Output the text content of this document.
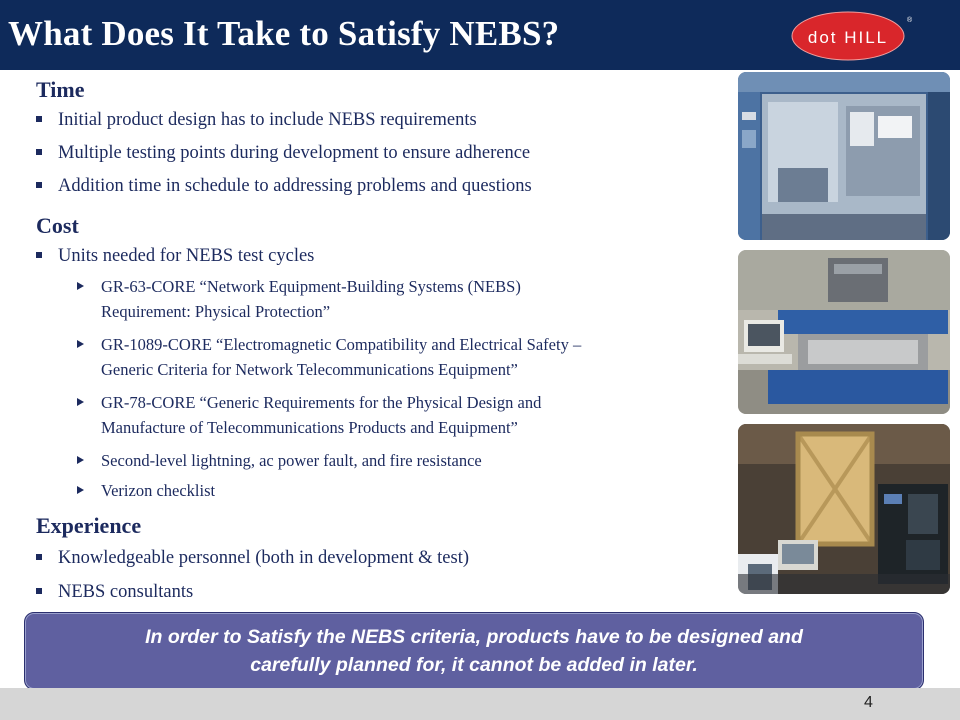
What Does It Take to Satisfy NEBS?	dot HILL
®
Time
Initial product design has to include NEBS requirements
Multiple testing points during development to ensure adherence
Addition time in schedule to addressing problems and questions
Cost
Units needed for NEBS test cycles
GR-63-CORE “Network Equipment-Building Systems (NEBS)
Requirement: Physical Protection”
GR-1089-CORE “Electromagnetic Compatibility and Electrical Safety –
Generic Criteria for Network Telecommunications Equipment”
GR-78-CORE “Generic Requirements for the Physical Design and
Manufacture of Telecommunications Products and Equipment”
Second-level lightning, ac power fault, and fire resistance
Verizon checklist
Experience
Knowledgeable personnel (both in development & test)
NEBS consultants
In order to Satisfy the NEBS criteria, products have to be designed and
carefully planned for, it cannot be added in later.
4
